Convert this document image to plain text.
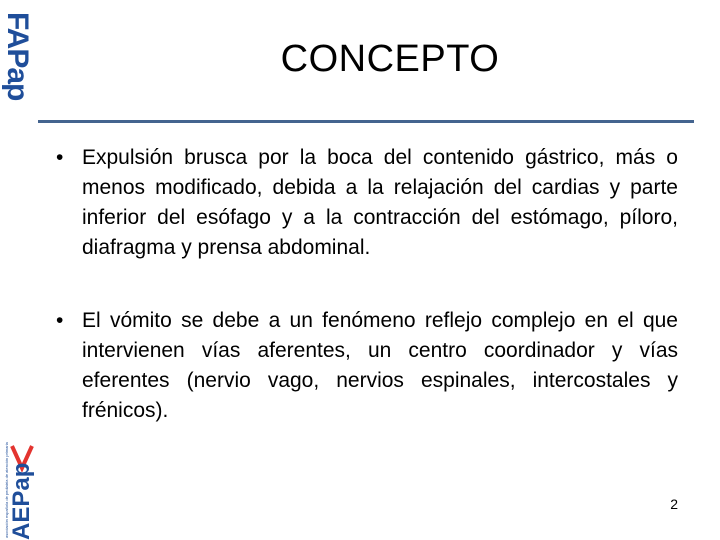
FAPap	CONCEPTO
• Expulsión brusca por la boca del contenido gástrico, más o menos modificado, debida a la relajación del cardias y parte inferior del esófago y a la contracción del estómago, píloro, diafragma y prensa abdominal.
• El vómito se debe a un fenómeno reflejo complejo en el que intervienen vías aferentes, un centro coordinador y vías eferentes (nervio vago, nervios espinales, intercostales y frénicos).
AEPap
asociación española de pediatría de atención primaria	2
